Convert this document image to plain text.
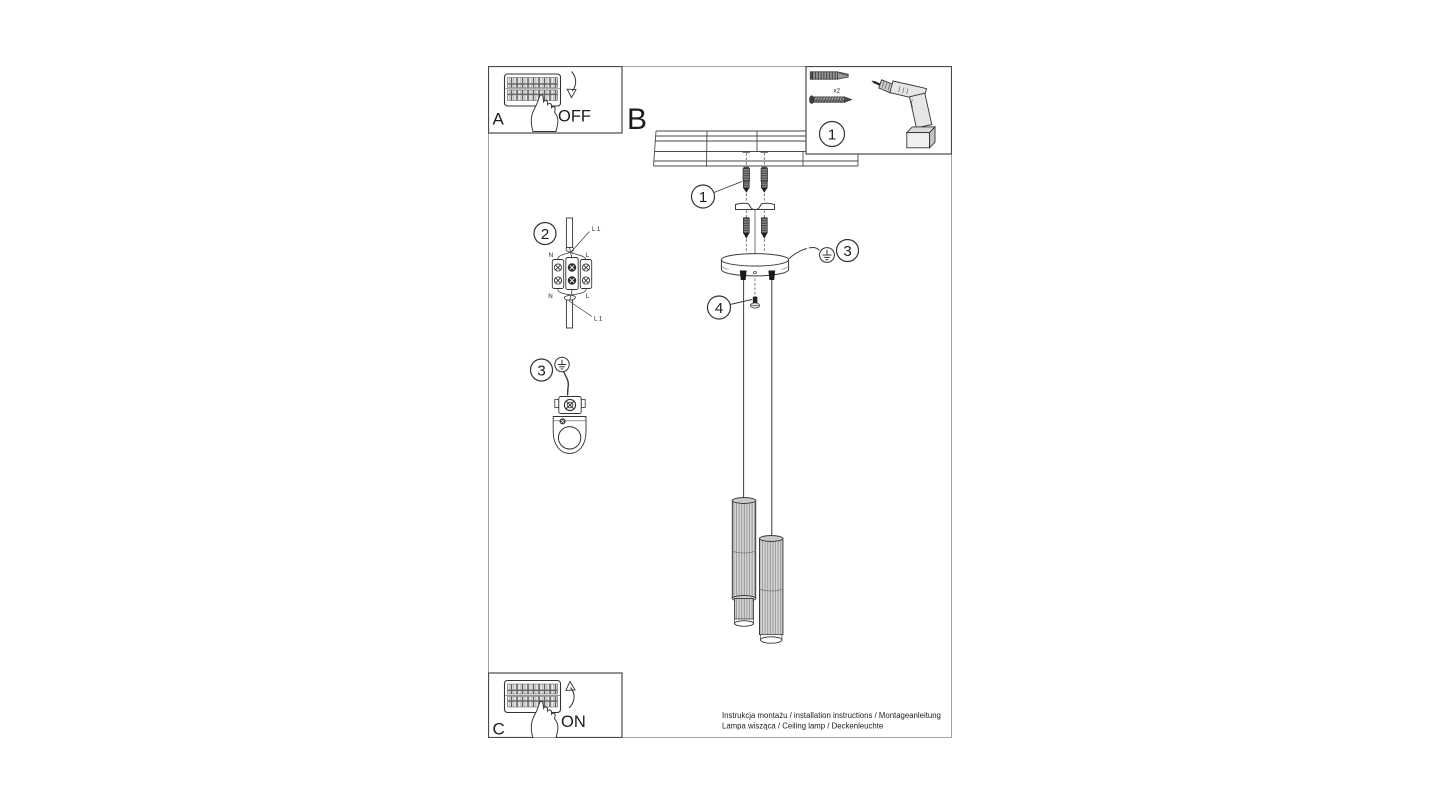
1
4
3
OFF
A	B
ON
C
x2
1
2	L 1
L 1
N	L
N	L
3
Instrukcja montażu / installation instructions / Montageanleitung
Lampa wisząca / Ceiling lamp / Deckenleuchte
